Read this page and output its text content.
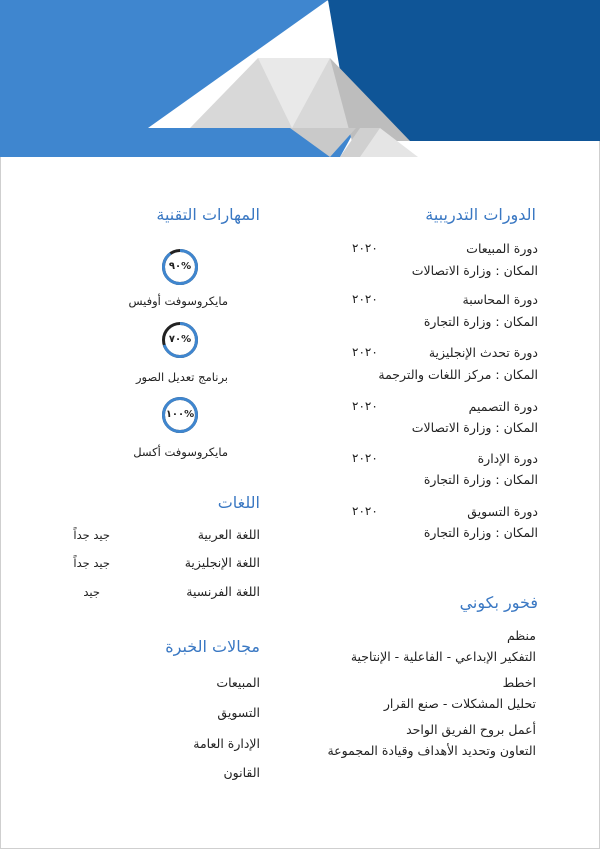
الدورات التدريبية
دورة المبيعات
٢٠٢٠
المكان : وزارة الاتصالات
دورة المحاسبة
٢٠٢٠
المكان : وزارة التجارة
دورة تحدث الإنجليزية
٢٠٢٠
المكان : مركز اللغات والترجمة
دورة التصميم
٢٠٢٠
المكان : وزارة الاتصالات
دورة الإدارة
٢٠٢٠
المكان : وزارة التجارة
دورة التسويق
٢٠٢٠
المكان : وزارة التجارة
فخور بكوني
منظم
التفكير الإبداعي - الفاعلية - الإنتاجية
اخطط
تحليل المشكلات - صنع القرار
أعمل بروح الفريق الواحد
التعاون وتحديد الأهداف وقيادة المجموعة
المهارات التقنية
%٩٠
مايكروسوفت أوفيس
%٧٠
برنامج تعديل الصور
%١٠٠
مايكروسوفت أكسل
اللغات
اللغة العربية
جيد جداً
اللغة الإنجليزية
جيد جداً
اللغة الفرنسية
جيد
مجالات الخبرة
المبيعات
التسويق
الإدارة العامة
القانون
